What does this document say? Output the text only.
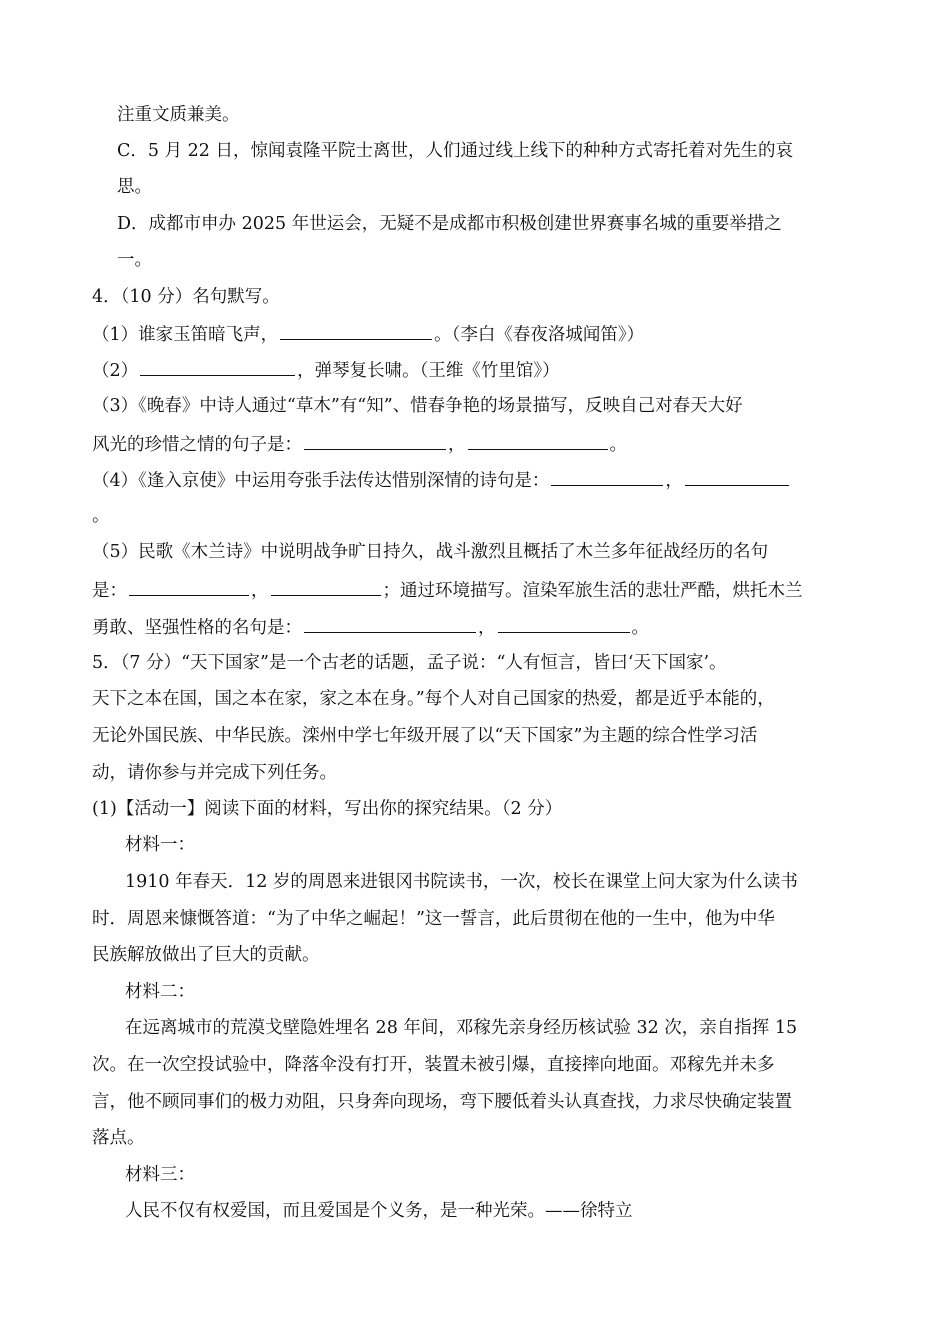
注重文质兼美。
C．5 月 22 日，惊闻袁隆平院士离世，人们通过线上线下的种种方式寄托着对先生的哀
思。
D．成都市申办 2025 年世运会，无疑不是成都市积极创建世界赛事名城的重要举措之
一。
4．（10 分）名句默写。
（1）谁家玉笛暗飞声，	。（李白《春夜洛城闻笛》）
（2）	，弹琴复长啸。（王维《竹里馆》）
（3）《晚春》中诗人通过“草木”有“知”、惜春争艳的场景描写，反映自己对春天大好
风光的珍惜之情的句子是：	，	。
（4）《逢入京使》中运用夸张手法传达惜别深情的诗句是：	，
。
（5）民歌《木兰诗》中说明战争旷日持久，战斗激烈且概括了木兰多年征战经历的名句
是：	，	；通过环境描写。渲染军旅生活的悲壮严酷，烘托木兰
勇敢、坚强性格的名句是：	，	。
5．（7 分）“天下国家”是一个古老的话题，孟子说：“人有恒言，皆曰‘天下国家’。
天下之本在国，国之本在家，家之本在身。”每个人对自己国家的热爱，都是近乎本能的，
无论外国民族、中华民族。滦州中学七年级开展了以“天下国家”为主题的综合性学习活
动，请你参与并完成下列任务。
(1)【活动一】阅读下面的材料，写出你的探究结果。（2 分）
材料一：
1910 年春天．12 岁的周恩来进银冈书院读书，一次，校长在课堂上问大家为什么读书
时．周恩来慷慨答道：“为了中华之崛起！”这一誓言，此后贯彻在他的一生中，他为中华
民族解放做出了巨大的贡献。
材料二：
在远离城市的荒漠戈壁隐姓埋名 28 年间，邓稼先亲身经历核试验 32 次，亲自指挥 15
次。在一次空投试验中，降落伞没有打开，装置未被引爆，直接摔向地面。邓稼先并未多
言，他不顾同事们的极力劝阻，只身奔向现场，弯下腰低着头认真查找，力求尽快确定装置
落点。
材料三：
人民不仅有权爱国，而且爱国是个义务，是一种光荣。——徐特立
